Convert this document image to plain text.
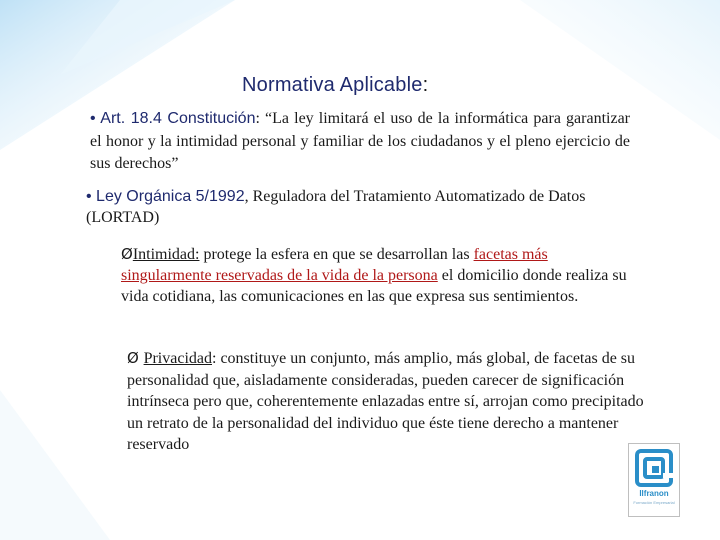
Normativa Aplicable:
• Art. 18.4 Constitución: “La ley limitará el uso de la informática para garantizar el honor y la intimidad personal y familiar de los ciudadanos y el pleno ejercicio de sus derechos”
• Ley Orgánica 5/1992, Reguladora del Tratamiento Automatizado de Datos (LORTAD)
ØIntimidad: protege la esfera en que se desarrollan las facetas más singularmente reservadas de la vida de la persona el domicilio donde realiza su vida cotidiana, las comunicaciones en las que expresa sus sentimientos.
Ø Privacidad: constituye un conjunto, más amplio, más global, de facetas de su personalidad que, aisladamente consideradas, pueden carecer de significación intrínseca pero que, coherentemente enlazadas entre sí, arrojan como precipitado un retrato de la personalidad del individuo que éste tiene derecho a mantener reservado
Ilfranon
Formación Empresarial
